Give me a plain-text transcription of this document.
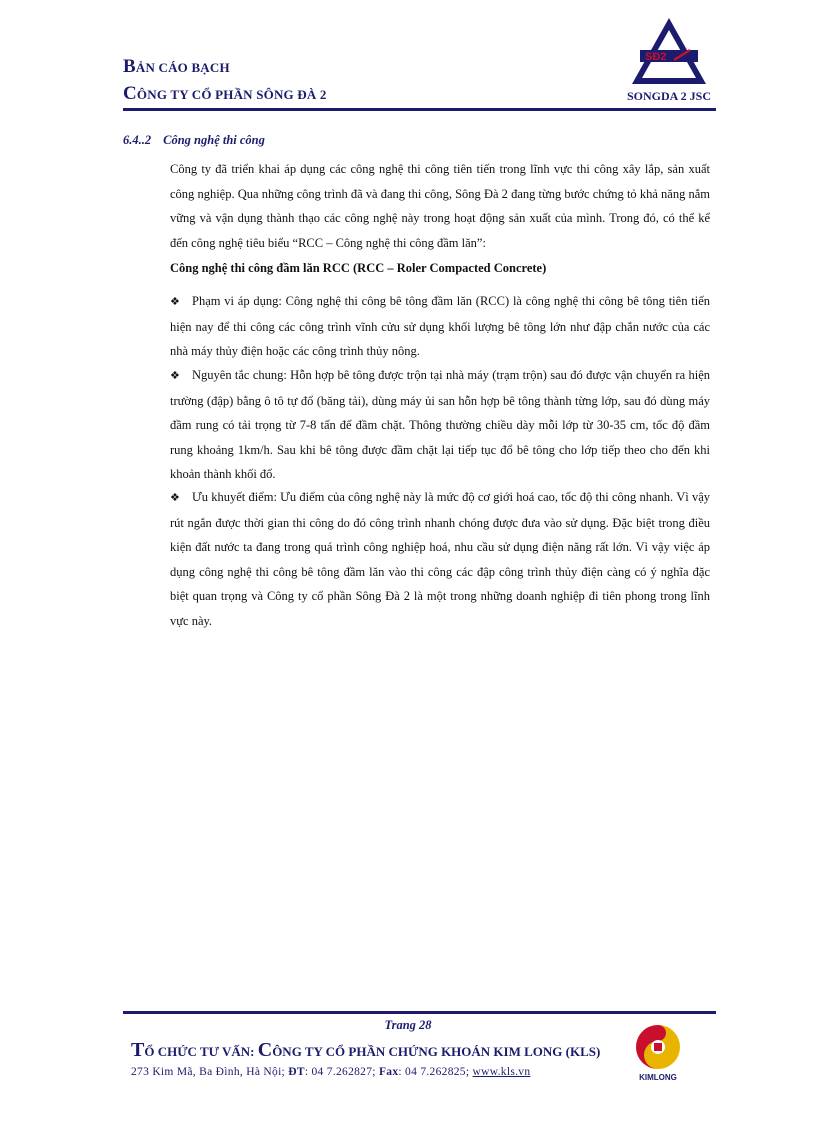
BẢN CÁO BẠCH
CÔNG TY CỔ PHẦN SÔNG ĐÀ 2	SONGDA 2 JSC
SĐ2
6.4..2 Công nghệ thi công
Công ty đã triển khai áp dụng các công nghệ thi công tiên tiến trong lĩnh vực thi công xây lắp, sản xuất công nghiệp. Qua những công trình đã và đang thi công, Sông Đà 2 đang từng bước chứng tỏ khả năng nắm vững và vận dụng thành thạo các công nghệ này trong hoạt động sản xuất của mình. Trong đó, có thể kể đến công nghệ tiêu biểu “RCC – Công nghệ thi công đầm lăn”:
Công nghệ thi công đầm lăn RCC (RCC – Roler Compacted Concrete)
❖ Phạm vi áp dụng: Công nghệ thi công bê tông đầm lăn (RCC) là công nghệ thi công bê tông tiên tiến hiện nay để thi công các công trình vĩnh cửu sử dụng khối lượng bê tông lớn như đập chắn nước của các nhà máy thủy điện hoặc các công trình thủy nông.
❖ Nguyên tắc chung: Hỗn hợp bê tông được trộn tại nhà máy (trạm trộn) sau đó được vận chuyển ra hiện trường (đập) bằng ô tô tự đổ (băng tải), dùng máy ủi san hỗn hợp bê tông thành từng lớp, sau đó dùng máy đầm rung có tải trọng từ 7-8 tấn để đầm chặt. Thông thường chiều dày mỗi lớp từ 30-35 cm, tốc độ đầm rung khoảng 1km/h. Sau khi bê tông được đầm chặt lại tiếp tục đổ bê tông cho lớp tiếp theo cho đến khi khoản thành khối đổ.
❖ Ưu khuyết điểm: Ưu điểm của công nghệ này là mức độ cơ giới hoá cao, tốc độ thi công nhanh. Vì vậy rút ngắn được thời gian thi công do đó công trình nhanh chóng được đưa vào sử dụng. Đặc biệt trong điều kiện đất nước ta đang trong quá trình công nghiệp hoá, nhu cầu sử dụng điện năng rất lớn. Vì vậy việc áp dụng công nghệ thi công bê tông đầm lăn vào thi công các đập công trình thủy điện càng có ý nghĩa đặc biệt quan trọng và Công ty cổ phần Sông Đà 2 là một trong những doanh nghiệp đi tiên phong trong lĩnh vực này.
Trang 28
TỔ CHỨC TƯ VẤN: CÔNG TY CỔ PHẦN CHỨNG KHOÁN KIM LONG (KLS)
273 Kim Mã, Ba Đình, Hà Nội; ĐT: 04 7.262827; Fax: 04 7.262825; www.kls.vn	KIMLONG
